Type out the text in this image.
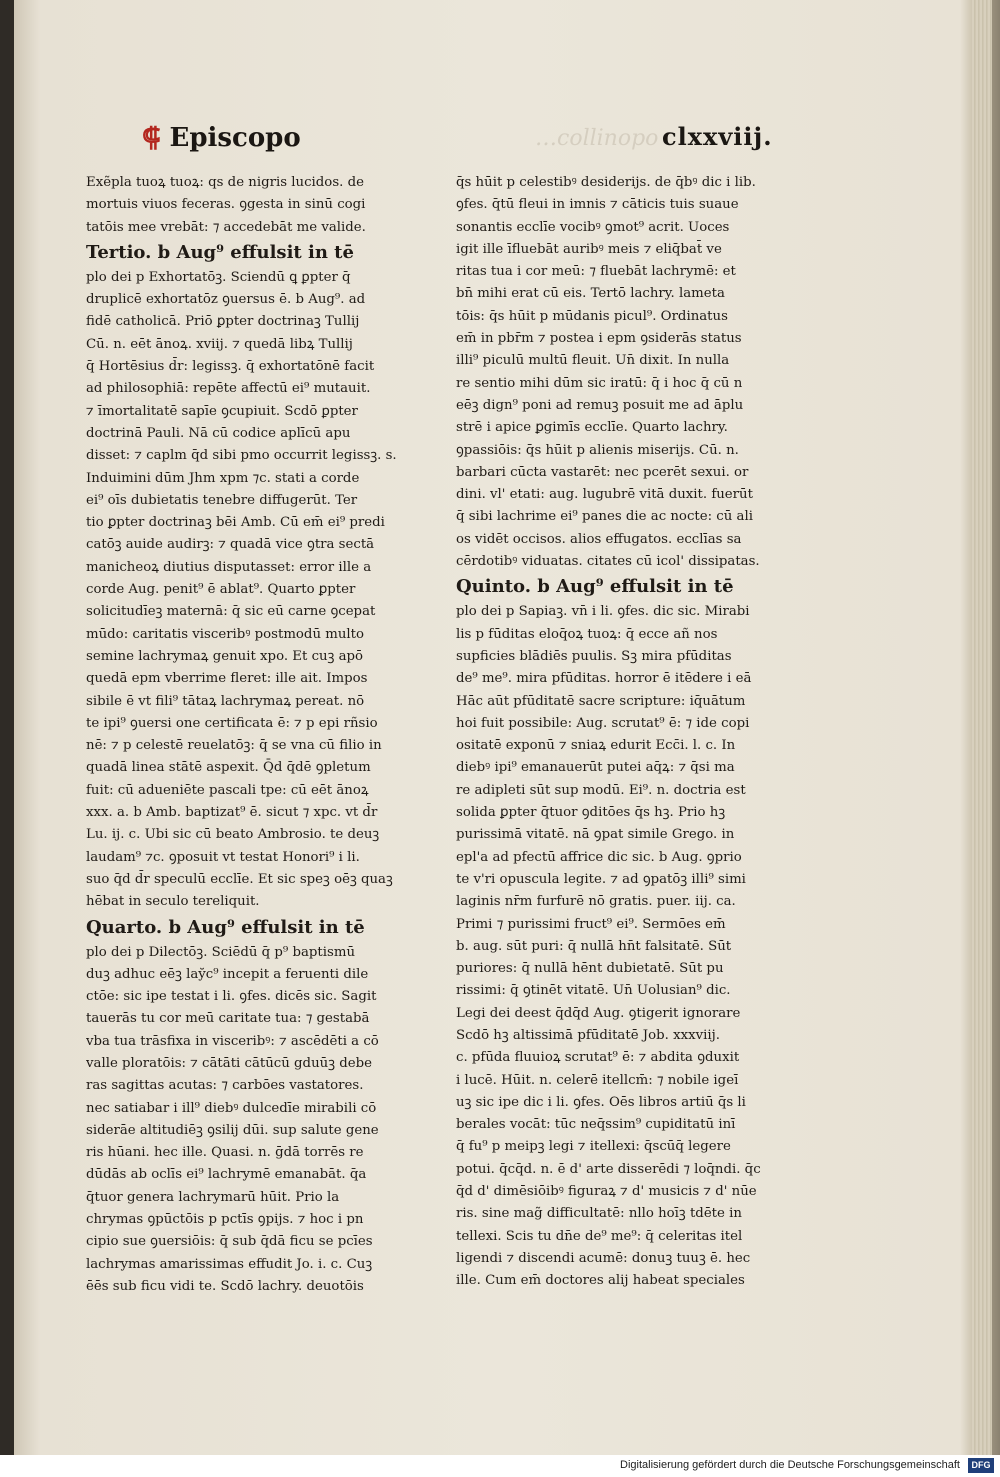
⸿ Episcopo	…collinopo clxxviij.
Exẽpla tuoꝝ tuoꝝ: qs de nigris lucidos. de
mortuis viuos feceras. ꝯgesta in sinū cogi
tatōis mee vrebāt: ⁊ accedebāt me valide.
Tertio. b Aug⁹ effulsit in tē
plo dei p Exhortatōꝫ. Sciendū ꝗ ꝑpter q̄
druplicē exhortatōz ꝯuersus ē. b Aug⁹. ad
fidē catholicā. Priō ꝑpter doctrinaꝫ Tullij
Cū. n. eēt ānoꝝ. xviij. ⁊ quedā libꝝ Tullij
q̄ Hortēsius d̄r: legissꝫ. q̄ exhortatōnē facit
ad philosophiā: repēte affectū ei⁹ mutauit.
⁊ īmortalitatē sapīe ꝯcupiuit. Scdō ꝑpter
doctrinā Pauli. Nā cū codice aplīcū apu
disset: ⁊ caplm q̄d sibi pmo occurrit legissꝫ. s.
Induimini dūm Jhm xpm ⁊c. stati a corde
ei⁹ oīs dubietatis tenebre diffugerūt. Ter
tio ꝑpter doctrinaꝫ bēi Amb. Cū em̄ ei⁹ predi
catōꝫ auide audirꝫ: ⁊ quadā vice ꝯtra sectā
manicheoꝝ diutius disputasset: error ille a
corde Aug. penit⁹ ē ablat⁹. Quarto ꝑpter
solicitudīeꝫ maternā: q̄ sic eū carne ꝯcepat
mūdo: caritatis visceribꝰ postmodū multo
semine lachrymaꝝ genuit xpo. Et cuꝫ apō
quedā epm vberrime fleret: ille ait. Impos
sibile ē vt fili⁹ tātaꝝ lachrymaꝝ pereat. nō
te ipi⁹ ꝯuersi one certificata ē: ⁊ p epi rñsio
nē: ⁊ p celestē reuelatōꝫ: q̄ se vna cū filio in
quadā linea stātē aspexit. Q̄d q̄dē ꝯpletum
fuit: cū adueniēte pascali tpe: cū eēt ānoꝝ
xxx. a. b Amb. baptizat⁹ ē. sicut ⁊ xpc. vt d̄r
Lu. ij. c. Ubi sic cū beato Ambrosio. te deuꝫ
laudam⁹ ⁊c. ꝯposuit vt testat Honori⁹ i li.
suo q̄d d̄r speculū ecclīe. Et sic speꝫ oēꝫ quaꝫ
hēbat in seculo tereliquit.
Quarto. b Aug⁹ effulsit in tē
plo dei p Dilectōꝫ. Sciēdū q̄ p⁹ baptismū
duꝫ adhuc eēꝫ lay̆c⁹ incepit a feruenti dile
ctōe: sic ipe testat i li. ꝯfes. dicēs sic. Sagit
tauerās tu cor meū caritate tua: ⁊ gestabā
vba tua trāsfixa in visceribꝰ: ⁊ ascēdēti a cō
valle ploratōis: ⁊ cātāti cātūcū gduūꝫ debe
ras sagittas acutas: ⁊ carbōes vastatores.
nec satiabar i ill⁹ diebꝰ dulcedīe mirabili cō
siderāe altitudiēꝫ ꝯsilij dūi. sup salute gene
ris hūani. hec ille. Quasi. n. ḡdā torrēs re
dūdās ab oclīs ei⁹ lachrymē emanabāt. q̄a
q̄tuor genera lachrymarū hūit. Prio la
chrymas ꝯpūctōis p pctīs ꝯpijs. ⁊ hoc i pn
cipio sue ꝯuersiōis: q̄ sub q̄dā ficu se pcīes
lachrymas amarissimas effudit Jo. i. c. Cuꝫ
ēēs sub ficu vidi te. Scdō lachry. deuotōis
q̄s hūit p celestibꝰ desiderijs. de q̄bꝰ dic i lib.
ꝯfes. q̄tū fleui in imnis ⁊ cāticis tuis suaue
sonantis ecclīe vocibꝰ ꝯmot⁹ acrit. Uoces
igit ille īfluebāt auribꝰ meis ⁊ eliq̄bat̄ ve
ritas tua i cor meū: ⁊ fluebāt lachrymē: et
bn̄ mihi erat cū eis. Tertō lachry. lameta
tōis: q̄s hūit p mūdanis picul⁹. Ordinatus
em̄ in pbr̄m ⁊ postea i epm ꝯsiderās status
illi⁹ piculū multū fleuit. Un̄ dixit. In nulla
re sentio mihi dūm sic iratū: q̄ i hoc q̄ cū n
eēꝫ dign⁹ poni ad remuꝫ posuit me ad āplu
strē i apice ꝑgimīs ecclīe. Quarto lachry.
ꝯpassiōis: q̄s hūit p alienis miserijs. Cū. n.
barbari cūcta vastarēt: nec pcerēt sexui. or
dini. vl' etati: aug. lugubrē vitā duxit. fuerūt
q̄ sibi lachrime ei⁹ panes die ac nocte: cū ali
os vidēt occisos. alios effugatos. ecclīas sa
cērdotibꝰ viduatas. citates cū icol' dissipatas.
Quinto. b Aug⁹ effulsit in tē
plo dei p Sapiaꝫ. vn̄ i li. ꝯfes. dic sic. Mirabi
lis p fūditas eloq̄oꝝ tuoꝝ: q̄ ecce añ nos
supficies blādiēs puulis. Sꝫ mira pfūditas
de⁹ me⁹. mira pfūditas. horror ē itēdere i eā
Hāc aūt pfūditatē sacre scripture: iq̄uātum
hoi fuit possibile: Aug. scrutat⁹ ē: ⁊ ide copi
ositatē exponū ⁊ sniaꝝ edurit Ecc̄i. l. c. In
diebꝰ ipi⁹ emanauerūt putei aq̄ꝝ: ⁊ q̄si ma
re adipleti sūt sup modū. Ei⁹. n. doctria est
solida ꝑpter q̄tuor ꝯditōes q̄s hꝫ. Prio hꝫ
purissimā vitatē. nā ꝯpat simile Grego. in
epl'a ad pfectū affrice dic sic. b Aug. ꝯprio
te v'ri opuscula legite. ⁊ ad ꝯpatōꝫ illi⁹ simi
laginis nr̄m furfurē nō gratis. puer. iij. ca.
Primi ⁊ purissimi fruct⁹ ei⁹. Sermōes em̄
b. aug. sūt puri: q̄ nullā hn̄t falsitatē. Sūt
puriores: q̄ nullā hēnt dubietatē. Sūt pu
rissimi: q̄ ꝯtinēt vitatē. Un̄ Uolusian⁹ dic.
Legi dei deest q̄dq̄d Aug. ꝯtigerit ignorare
Scdō hꝫ altissimā pfūditatē Job. xxxviij.
c. pfūda fluuioꝝ scrutat⁹ ē: ⁊ abdita ꝯduxit
i lucē. Hūit. n. celerē itellcm̄: ⁊ nobile igeī
uꝫ sic ipe dic i li. ꝯfes. Oēs libros artiū q̄s li
berales vocāt: tūc neq̄ssim⁹ cupiditatū inī
q̄ fu⁹ p meipꝫ legi ⁊ itellexi: q̄scūq̄ legere
potui. q̄cq̄d. n. ē d' arte disserēdi ⁊ loq̄ndi. q̄c
q̄d d' dimēsiōibꝰ figuraꝝ ⁊ d' musicis ⁊ d' nūe
ris. sine mag̃ difficultatē: nllo hoīꝫ tdēte in
tellexi. Scis tu dn̄e de⁹ me⁹: q̄ celeritas itel
ligendi ⁊ discendi acumē: donuꝫ tuuꝫ ē. hec
ille. Cum em̄ doctores alij habeat speciales
Digitalisierung gefördert durch die Deutsche Forschungsgemeinschaft	DFG
